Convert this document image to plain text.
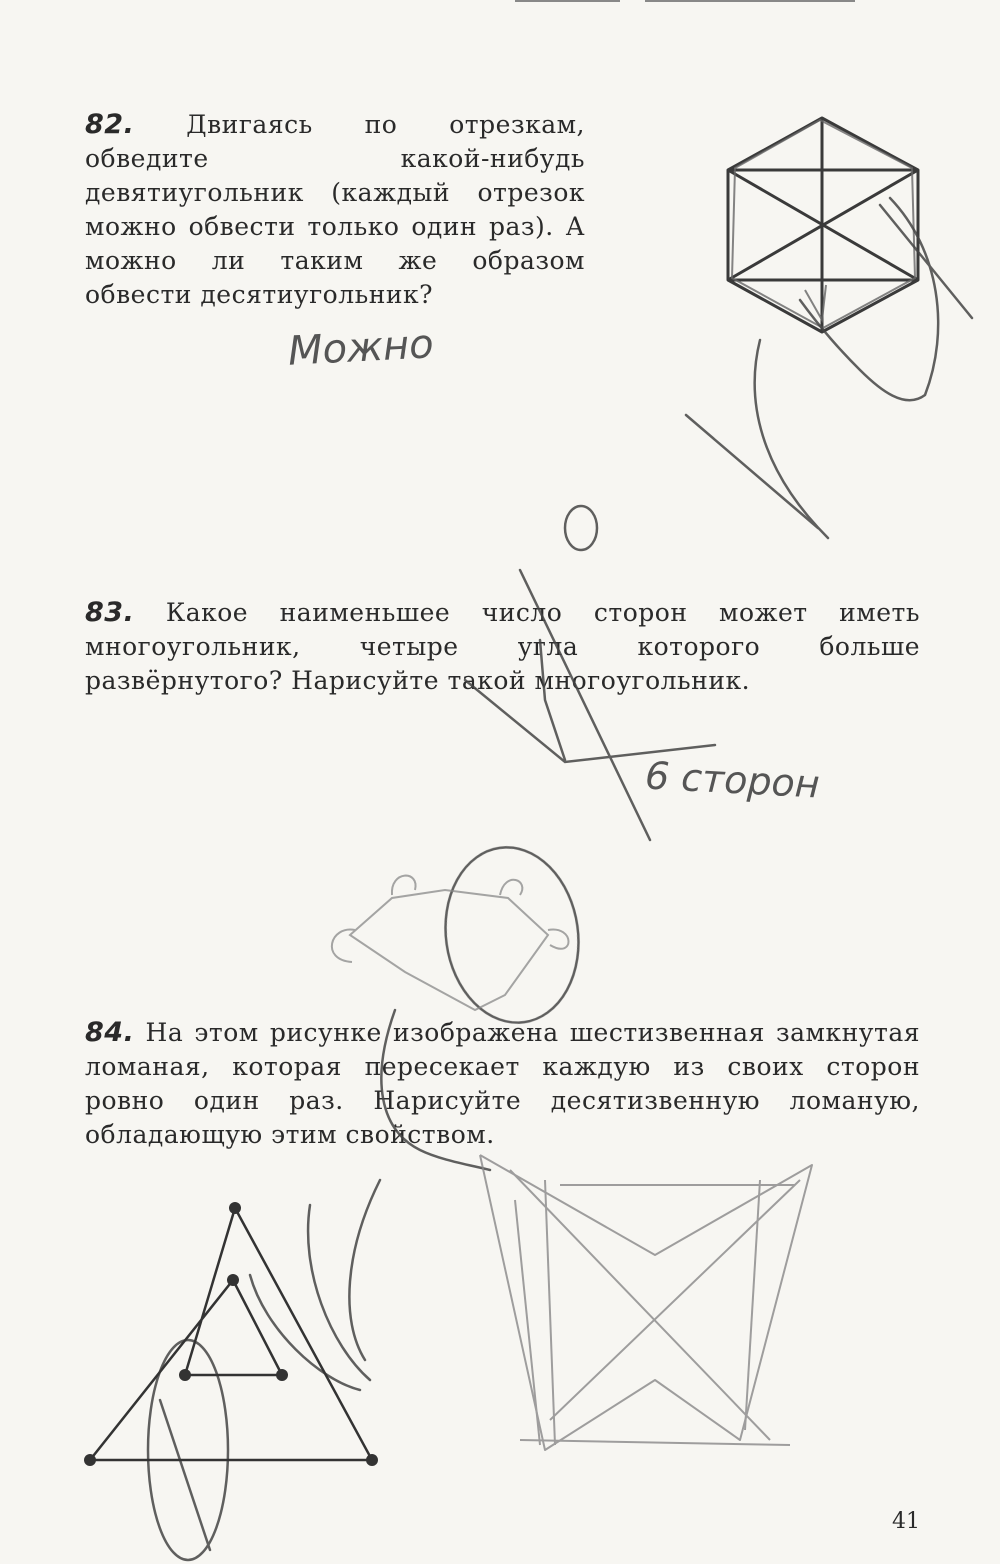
82. Двигаясь по отрезкам, обведите какой-нибудь девятиугольник (каждый отрезок можно обвести только один раз). А можно ли таким же образом обвести десятиугольник?
83. Какое наименьшее число сторон может иметь многоугольник, четыре угла которого больше развёрнутого? Нарисуйте такой многоугольник.
84. На этом рисунке изображена шестизвенная замкнутая ломаная, которая пересекает каждую из своих сторон ровно один раз. Нарисуйте десятизвенную ломаную, обладающую этим свойством.
Можно
6 сторон
41
